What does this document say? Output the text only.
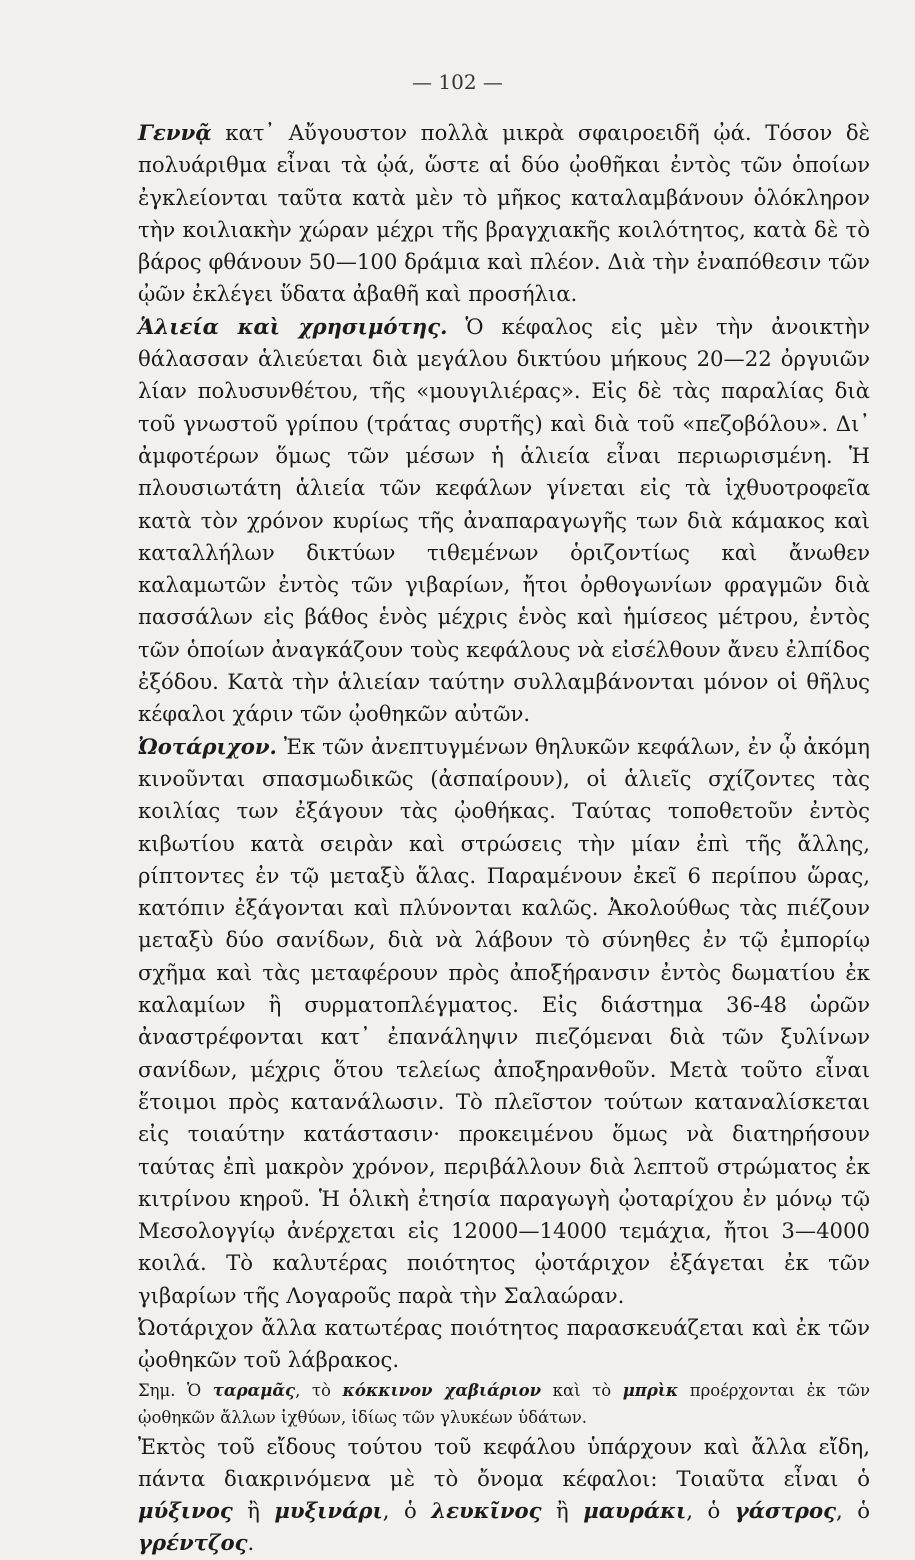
— 102 —

Γεννᾷ κατ᾽ Αὔγουστον πολλὰ μικρὰ σφαιροειδῆ ᾠά. Τόσον δὲ πολυάριθμα εἶναι τὰ ᾠά, ὥστε αἱ δύο ᾠοθῆκαι ἐντὸς τῶν ὁποίων ἐγκλείονται ταῦτα κατὰ μὲν τὸ μῆκος καταλαμβάνουν ὁλόκληρον τὴν κοιλιακὴν χώραν μέχρι τῆς βραγχιακῆς κοιλότητος, κατὰ δὲ τὸ βάρος φθάνουν 50—100 δράμια καὶ πλέον. Διὰ τὴν ἐναπόθεσιν τῶν ᾠῶν ἐκλέγει ὕδατα ἀβαθῆ καὶ προσήλια.

Ἁλιεία καὶ χρησιμότης. Ὁ κέφαλος εἰς μὲν τὴν ἀνοικτὴν θάλασσαν ἁλιεύεται διὰ μεγάλου δικτύου μήκους 20—22 ὀργυιῶν λίαν πολυσυνθέτου, τῆς «μουγιλιέρας». Εἰς δὲ τὰς παραλίας διὰ τοῦ γνωστοῦ γρίπου (τράτας συρτῆς) καὶ διὰ τοῦ «πεζοβόλου». Δι᾽ ἀμφοτέρων ὅμως τῶν μέσων ἡ ἁλιεία εἶναι περιωρισμένη. Ἡ πλουσιωτάτη ἁλιεία τῶν κεφάλων γίνεται εἰς τὰ ἰχθυοτροφεῖα κατὰ τὸν χρόνον κυρίως τῆς ἀναπαραγωγῆς των διὰ κάμακος καὶ καταλλήλων δικτύων τιθεμένων ὁριζοντίως καὶ ἄνωθεν καλαμωτῶν ἐντὸς τῶν γιβαρίων, ἤτοι ὀρθογωνίων φραγμῶν διὰ πασσάλων εἰς βάθος ἑνὸς μέχρις ἑνὸς καὶ ἡμίσεος μέτρου, ἐντὸς τῶν ὁποίων ἀναγκάζουν τοὺς κεφάλους νὰ εἰσέλθουν ἄνευ ἐλπίδος ἐξόδου. Κατὰ τὴν ἁλιείαν ταύτην συλλαμβάνονται μόνον οἱ θῆλυς κέφαλοι χάριν τῶν ᾠοθηκῶν αὐτῶν.

Ὠοτάριχον. Ἐκ τῶν ἀνεπτυγμένων θηλυκῶν κεφάλων, ἐν ᾧ ἀκόμη κινοῦνται σπασμωδικῶς (ἀσπαίρουν), οἱ ἁλιεῖς σχίζοντες τὰς κοιλίας των ἐξάγουν τὰς ᾠοθήκας. Ταύτας τοποθετοῦν ἐντὸς κιβωτίου κατὰ σειρὰν καὶ στρώσεις τὴν μίαν ἐπὶ τῆς ἄλλης, ρίπτοντες ἐν τῷ μεταξὺ ἅλας. Παραμένουν ἐκεῖ 6 περίπου ὥρας, κατόπιν ἐξάγονται καὶ πλύνονται καλῶς. Ἀκολούθως τὰς πιέζουν μεταξὺ δύο σανίδων, διὰ νὰ λάβουν τὸ σύνηθες ἐν τῷ ἐμπορίῳ σχῆμα καὶ τὰς μεταφέρουν πρὸς ἀποξήρανσιν ἐντὸς δωματίου ἐκ καλαμίων ἢ συρματοπλέγματος. Εἰς διάστημα 36-48 ὡρῶν ἀναστρέφονται κατ᾽ ἐπανάληψιν πιεζόμεναι διὰ τῶν ξυλίνων σανίδων, μέχρις ὅτου τελείως ἀποξηρανθοῦν. Μετὰ τοῦτο εἶναι ἕτοιμοι πρὸς κατανάλωσιν. Τὸ πλεῖστον τούτων καταναλίσκεται εἰς τοιαύτην κατάστασιν· προκειμένου ὅμως νὰ διατηρήσουν ταύτας ἐπὶ μακρὸν χρόνον, περιβάλλουν διὰ λεπτοῦ στρώματος ἐκ κιτρίνου κηροῦ. Ἡ ὁλικὴ ἐτησία παραγωγὴ ᾠοταρίχου ἐν μόνῳ τῷ Μεσολογγίῳ ἀνέρχεται εἰς 12000—14000 τεμάχια, ἤτοι 3—4000 κοιλά. Τὸ καλυτέρας ποιότητος ᾠοτάριχον ἐξάγεται ἐκ τῶν γιβαρίων τῆς Λογαροῦς παρὰ τὴν Σαλαώραν.

Ὠοτάριχον ἄλλα κατωτέρας ποιότητος παρασκευάζεται καὶ ἐκ τῶν ᾠοθηκῶν τοῦ λάβρακος.

Σημ. Ὁ ταραμᾶς, τὸ κόκκινον χαβιάριον καὶ τὸ μπρὶκ προέρχονται ἐκ τῶν ᾠοθηκῶν ἄλλων ἰχθύων, ἰδίως τῶν γλυκέων ὑδάτων.

Ἐκτὸς τοῦ εἴδους τούτου τοῦ κεφάλου ὑπάρχουν καὶ ἄλλα εἴδη, πάντα διακρινόμενα μὲ τὸ ὄνομα κέφαλοι: Τοιαῦτα εἶναι ὁ μύξινος ἢ μυξινάρι, ὁ λευκῖνος ἢ μαυράκι, ὁ γάστρος, ὁ γρέντζος.
